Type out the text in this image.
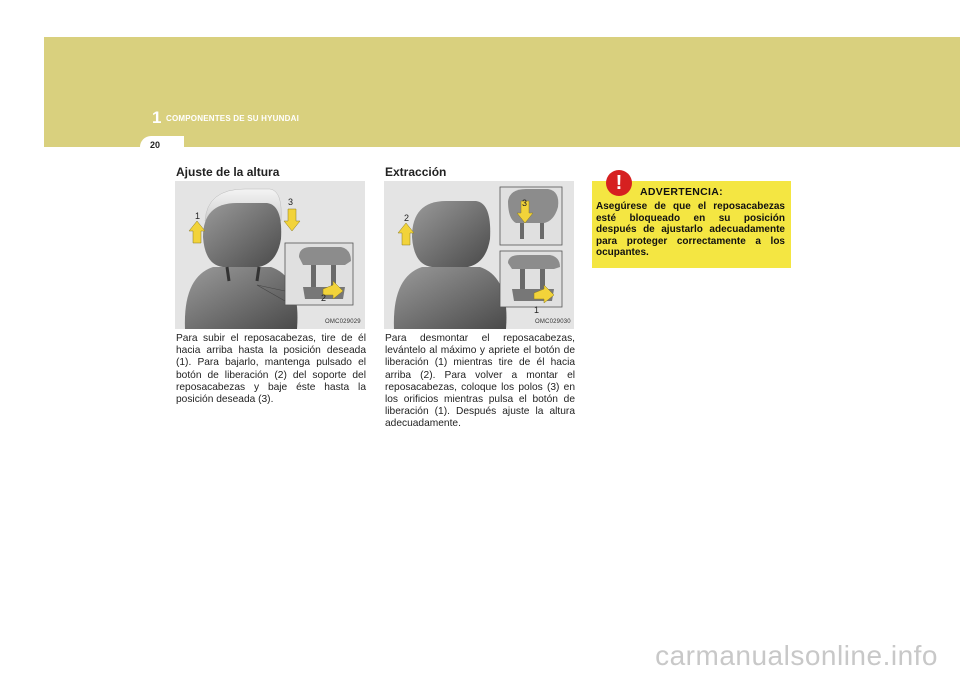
1 COMPONENTES DE SU HYUNDAI
20
Ajuste de la altura
1
3
2
OMC029029
Para subir el reposacabezas, tire de él hacia arriba hasta la posición deseada (1). Para bajarlo, mantenga pulsado el botón de liberación (2) del soporte del reposacabezas y baje éste hasta la posición deseada (3).
Extracción
2
3
1
OMC029030
Para desmontar el reposacabezas, levántelo al máximo y apriete el botón de liberación (1) mientras tire de él hacia arriba (2). Para volver a montar el reposacabezas, coloque los polos (3) en los orificios mientras pulsa el botón de liberación (1). Después ajuste la altura adecuadamente.
Asegúrese de que el reposacabezas esté bloqueado en su posición después de ajustarlo adecuadamente para proteger correctamente a los ocupantes.
!	ADVERTENCIA:
carmanualsonline.info
